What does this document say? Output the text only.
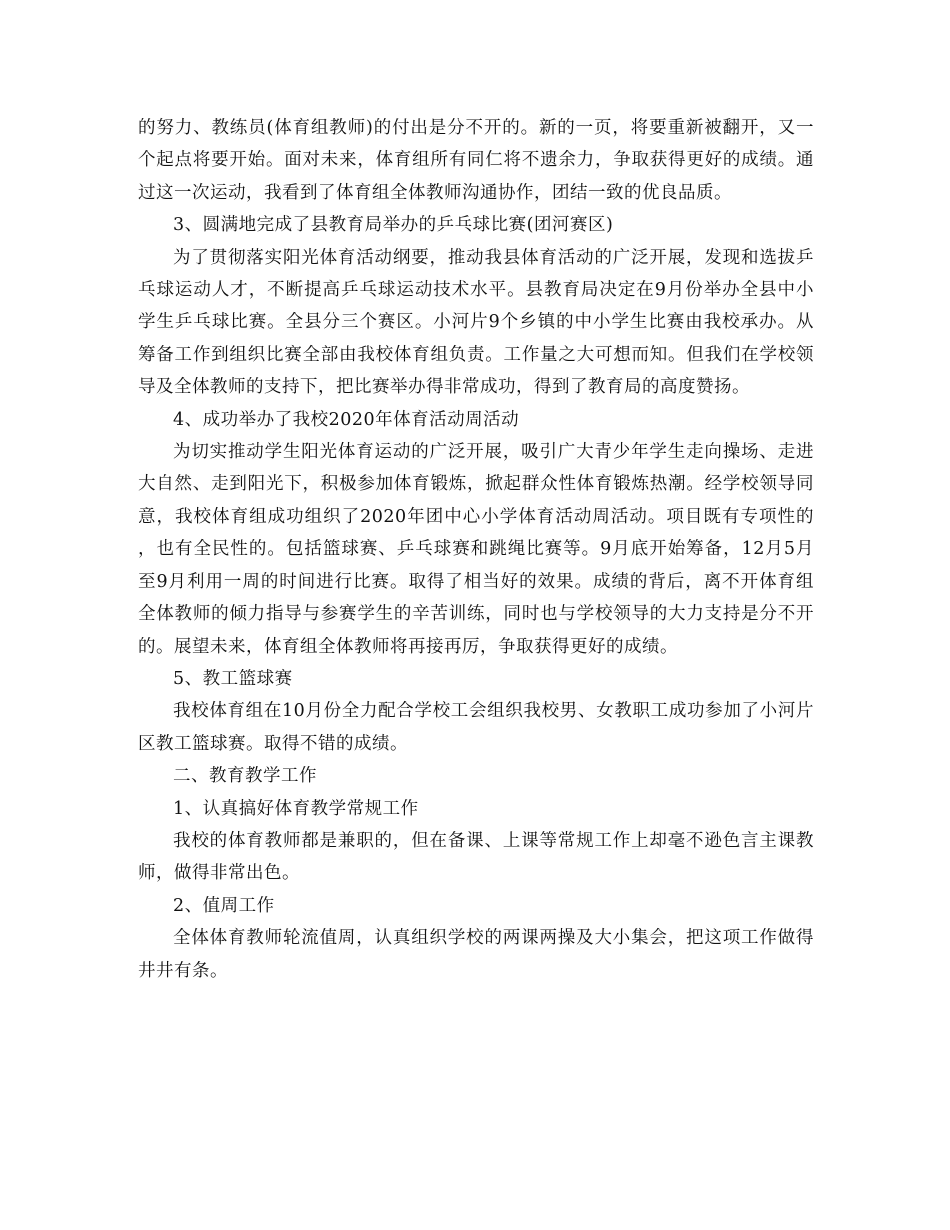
的努力、教练员(体育组教师)的付出是分不开的。新的一页，将要重新被翻开，又一个起点将要开始。面对未来，体育组所有同仁将不遗余力，争取获得更好的成绩。通过这一次运动，我看到了体育组全体教师沟通协作，团结一致的优良品质。

3、圆满地完成了县教育局举办的乒乓球比赛(团河赛区)

为了贯彻落实阳光体育活动纲要，推动我县体育活动的广泛开展，发现和选拔乒乓球运动人才，不断提高乒乓球运动技术水平。县教育局决定在9月份举办全县中小学生乒乓球比赛。全县分三个赛区。小河片9个乡镇的中小学生比赛由我校承办。从筹备工作到组织比赛全部由我校体育组负责。工作量之大可想而知。但我们在学校领导及全体教师的支持下，把比赛举办得非常成功，得到了教育局的高度赞扬。

4、成功举办了我校2020年体育活动周活动

为切实推动学生阳光体育运动的广泛开展，吸引广大青少年学生走向操场、走进大自然、走到阳光下，积极参加体育锻炼，掀起群众性体育锻炼热潮。经学校领导同意，我校体育组成功组织了2020年团中心小学体育活动周活动。项目既有专项性的，也有全民性的。包括篮球赛、乒乓球赛和跳绳比赛等。9月底开始筹备，12月5月至9月利用一周的时间进行比赛。取得了相当好的效果。成绩的背后，离不开体育组全体教师的倾力指导与参赛学生的辛苦训练，同时也与学校领导的大力支持是分不开的。展望未来，体育组全体教师将再接再厉，争取获得更好的成绩。

5、教工篮球赛

我校体育组在10月份全力配合学校工会组织我校男、女教职工成功参加了小河片区教工篮球赛。取得不错的成绩。

二、教育教学工作

1、认真搞好体育教学常规工作

我校的体育教师都是兼职的，但在备课、上课等常规工作上却毫不逊色言主课教师，做得非常出色。

2、值周工作

全体体育教师轮流值周，认真组织学校的两课两操及大小集会，把这项工作做得井井有条。
